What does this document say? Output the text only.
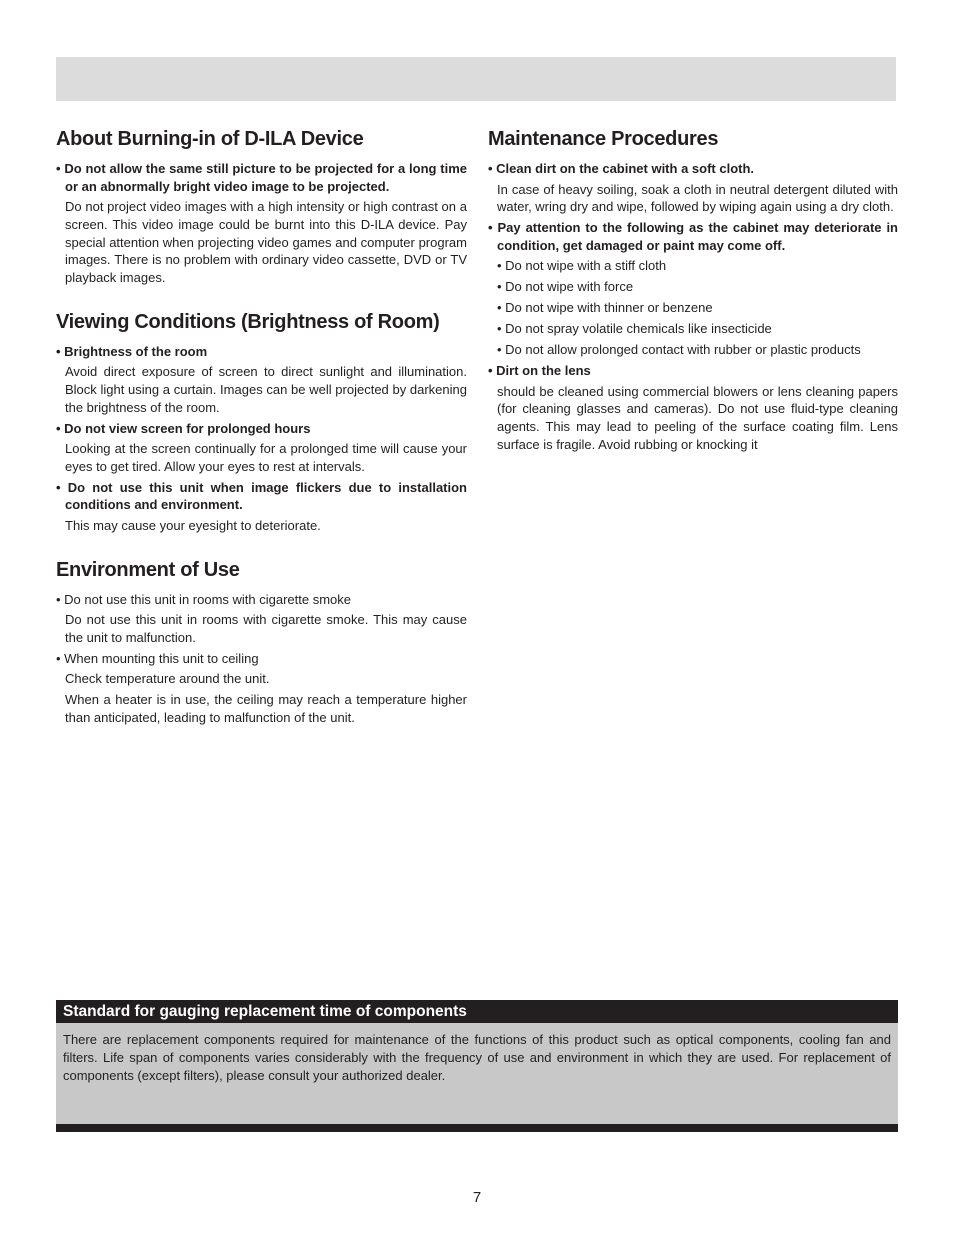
About Burning-in of D-ILA Device

• Do not allow the same still picture to be projected for a long time or an abnormally bright video image to be projected.

Do not project video images with a high intensity or high contrast on a screen. This video image could be burnt into this D-ILA device. Pay special attention when projecting video games and computer program images. There is no problem with ordinary video cassette, DVD or TV playback images.

Viewing Conditions (Brightness of Room)

• Brightness of the room

Avoid direct exposure of screen to direct sunlight and illumination. Block light using a curtain. Images can be well projected by darkening the brightness of the room.

• Do not view screen for prolonged hours

Looking at the screen continually for a prolonged time will cause your eyes to get tired. Allow your eyes to rest at intervals.

• Do not use this unit when image flickers due to installation conditions and environment.

This may cause your eyesight to deteriorate.

Environment of Use

• Do not use this unit in rooms with cigarette smoke

Do not use this unit in rooms with cigarette smoke. This may cause the unit to malfunction.

• When mounting this unit to ceiling

Check temperature around the unit.

When a heater is in use, the ceiling may reach a temperature higher than anticipated, leading to malfunction of the unit.

Maintenance Procedures

• Clean dirt on the cabinet with a soft cloth.

In case of heavy soiling, soak a cloth in neutral detergent diluted with water, wring dry and wipe, followed by wiping again using a dry cloth.

• Pay attention to the following as the cabinet may deteriorate in condition, get damaged or paint may come off.

• Do not wipe with a stiff cloth

• Do not wipe with force

• Do not wipe with thinner or benzene

• Do not spray volatile chemicals like insecticide

• Do not allow prolonged contact with rubber or plastic products

• Dirt on the lens

should be cleaned using commercial blowers or lens cleaning papers (for cleaning glasses and cameras). Do not use fluid-type cleaning agents. This may lead to peeling of the surface coating film. Lens surface is fragile. Avoid rubbing or knocking it

Standard for gauging replacement time of components
There are replacement components required for maintenance of the functions of this product such as optical components, cooling fan and filters. Life span of components varies considerably with the frequency of use and environment in which they are used. For replacement of components (except filters), please consult your authorized dealer.
7
